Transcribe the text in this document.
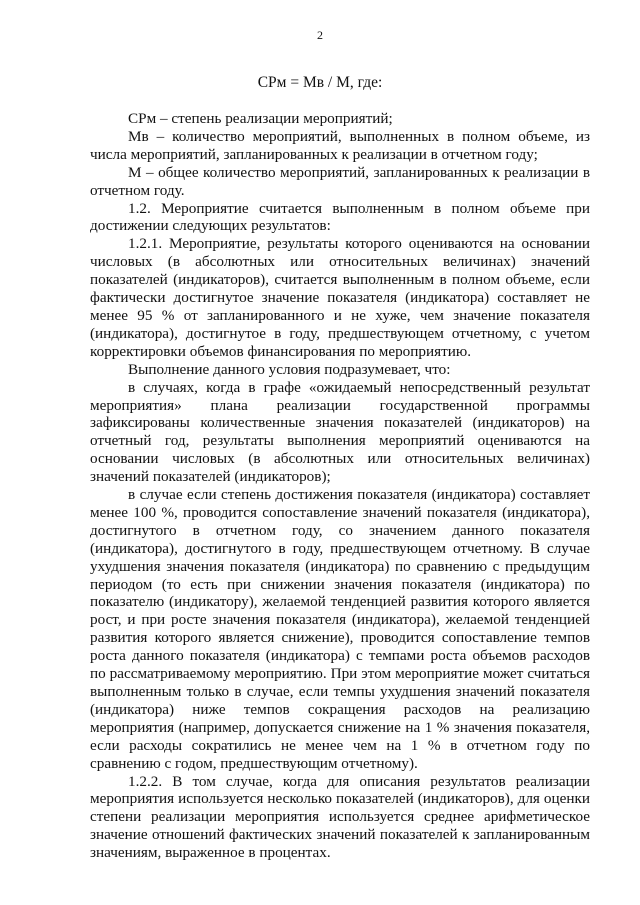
2
СРм = Мв / М, где:

СРм – степень реализации мероприятий;

Мв – количество мероприятий, выполненных в полном объеме, из числа мероприятий, запланированных к реализации в отчетном году;

М – общее количество мероприятий, запланированных к реализации в отчетном году.

1.2. Мероприятие считается выполненным в полном объеме при достижении следующих результатов:

1.2.1. Мероприятие, результаты которого оцениваются на основании числовых (в абсолютных или относительных величинах) значений показателей (индикаторов), считается выполненным в полном объеме, если фактически достигнутое значение показателя (индикатора) составляет не менее 95 % от запланированного и не хуже, чем значение показателя (индикатора), достигнутое в году, предшествующем отчетному, с учетом корректировки объемов финансирования по мероприятию.

Выполнение данного условия подразумевает, что:

в случаях, когда в графе «ожидаемый непосредственный результат мероприятия» плана реализации государственной программы зафиксированы количественные значения показателей (индикаторов) на отчетный год, результаты выполнения мероприятий оцениваются на основании числовых (в абсолютных или относительных величинах) значений показателей (индикаторов);

в случае если степень достижения показателя (индикатора) составляет менее 100 %, проводится сопоставление значений показателя (индикатора), достигнутого в отчетном году, со значением данного показателя (индикатора), достигнутого в году, предшествующем отчетному. В случае ухудшения значения показателя (индикатора) по сравнению с предыдущим периодом (то есть при снижении значения показателя (индикатора) по показателю (индикатору), желаемой тенденцией развития которого является рост, и при росте значения показателя (индикатора), желаемой тенденцией развития которого является снижение), проводится сопоставление темпов роста данного показателя (индикатора) с темпами роста объемов расходов по рассматриваемому мероприятию. При этом мероприятие может считаться выполненным только в случае, если темпы ухудшения значений показателя (индикатора) ниже темпов сокращения расходов на реализацию мероприятия (например, допускается снижение на 1 % значения показателя, если расходы сократились не менее чем на 1 % в отчетном году по сравнению с годом, предшествующим отчетному).

1.2.2. В том случае, когда для описания результатов реализации мероприятия используется несколько показателей (индикаторов), для оценки степени реализации мероприятия используется среднее арифметическое значение отношений фактических значений показателей к запланированным значениям, выраженное в процентах.
